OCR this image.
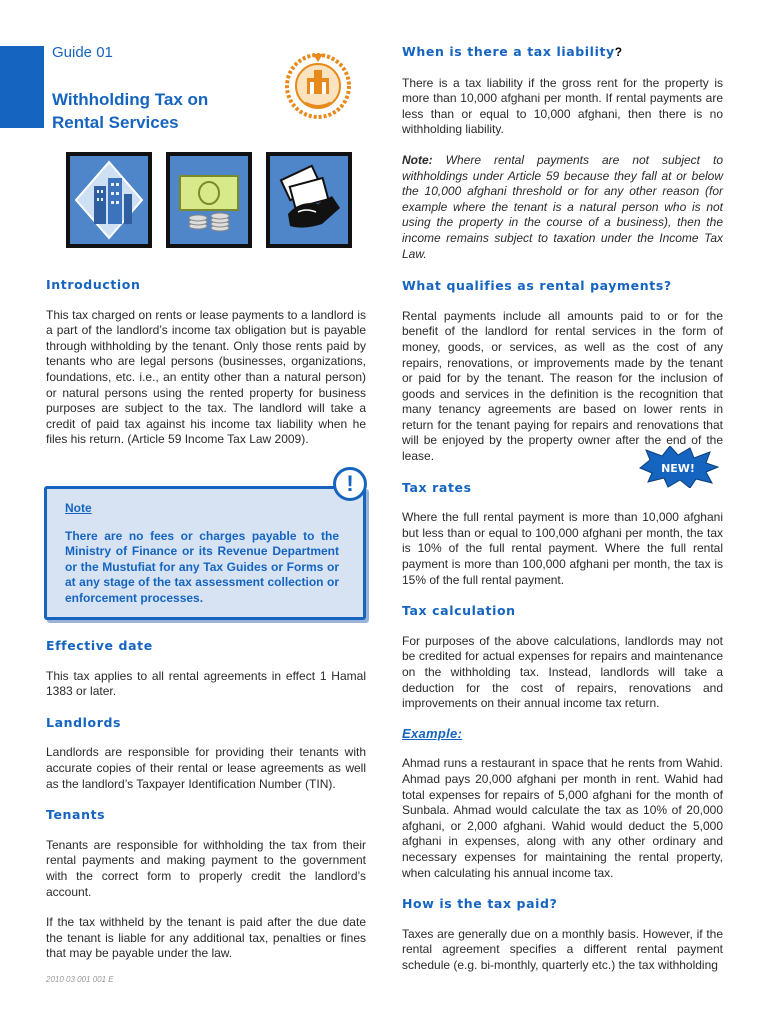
Guide 01
Withholding Tax on
Rental Services
Introduction
This tax charged on rents or lease payments to a landlord is a part of the landlord’s income tax obligation but is payable through withholding by the tenant. Only those rents paid by tenants who are legal persons (businesses, organizations, foundations, etc. i.e., an entity other than a natural person) or natural persons using the rented property for business purposes are subject to the tax. The landlord will take a credit of paid tax against his income tax liability when he files his return. (Article 59 Income Tax Law 2009).
Note
There are no fees or charges payable to the Ministry of Finance or its Revenue Department or the Mustufiat for any Tax Guides or Forms or at any stage of the tax assessment collection or enforcement processes.
!
Effective date
This tax applies to all rental agreements in effect 1 Hamal 1383 or later.
Landlords
Landlords are responsible for providing their tenants with accurate copies of their rental or lease agreements as well as the landlord’s Taxpayer Identification Number (TIN).
Tenants
Tenants are responsible for withholding the tax from their rental payments and making payment to the government with the correct form to properly credit the landlord’s account.
If the tax withheld by the tenant is paid after the due date the tenant is liable for any additional tax, penalties or fines that may be payable under the law.
When is there a tax liability?
There is a tax liability if the gross rent for the property is more than 10,000 afghani per month. If rental payments are less than or equal to 10,000 afghani, then there is no withholding liability.
Note: Where rental payments are not subject to withholdings under Article 59 because they fall at or below the 10,000 afghani threshold or for any other reason (for example where the tenant is a natural person who is not using the property in the course of a business), then the income remains subject to taxation under the Income Tax Law.
What qualifies as rental payments?
Rental payments include all amounts paid to or for the benefit of the landlord for rental services in the form of money, goods, or services, as well as the cost of any repairs, renovations, or improvements made by the tenant or paid for by the tenant. The reason for the inclusion of goods and services in the definition is the recognition that many tenancy agreements are based on lower rents in return for the tenant paying for repairs and renovations that will be enjoyed by the property owner after the end of the lease.
Tax rates
Where the full rental payment is more than 10,000 afghani but less than or equal to 100,000 afghani per month, the tax is 10% of the full rental payment. Where the full rental payment is more than 100,000 afghani per month, the tax is 15% of the full rental payment.
Tax calculation
For purposes of the above calculations, landlords may not be credited for actual expenses for repairs and maintenance on the withholding tax. Instead, landlords will take a deduction for the cost of repairs, renovations and improvements on their annual income tax return.
Example:
Ahmad runs a restaurant in space that he rents from Wahid. Ahmad pays 20,000 afghani per month in rent. Wahid had total expenses for repairs of 5,000 afghani for the month of Sunbala. Ahmad would calculate the tax as 10% of 20,000 afghani, or 2,000 afghani. Wahid would deduct the 5,000 afghani in expenses, along with any other ordinary and necessary expenses for maintaining the rental property, when calculating his annual income tax.
How is the tax paid?
Taxes are generally due on a monthly basis. However, if the rental agreement specifies a different rental payment schedule (e.g. bi-monthly, quarterly etc.) the tax withholding
NEW!
2010 03 001 001 E
